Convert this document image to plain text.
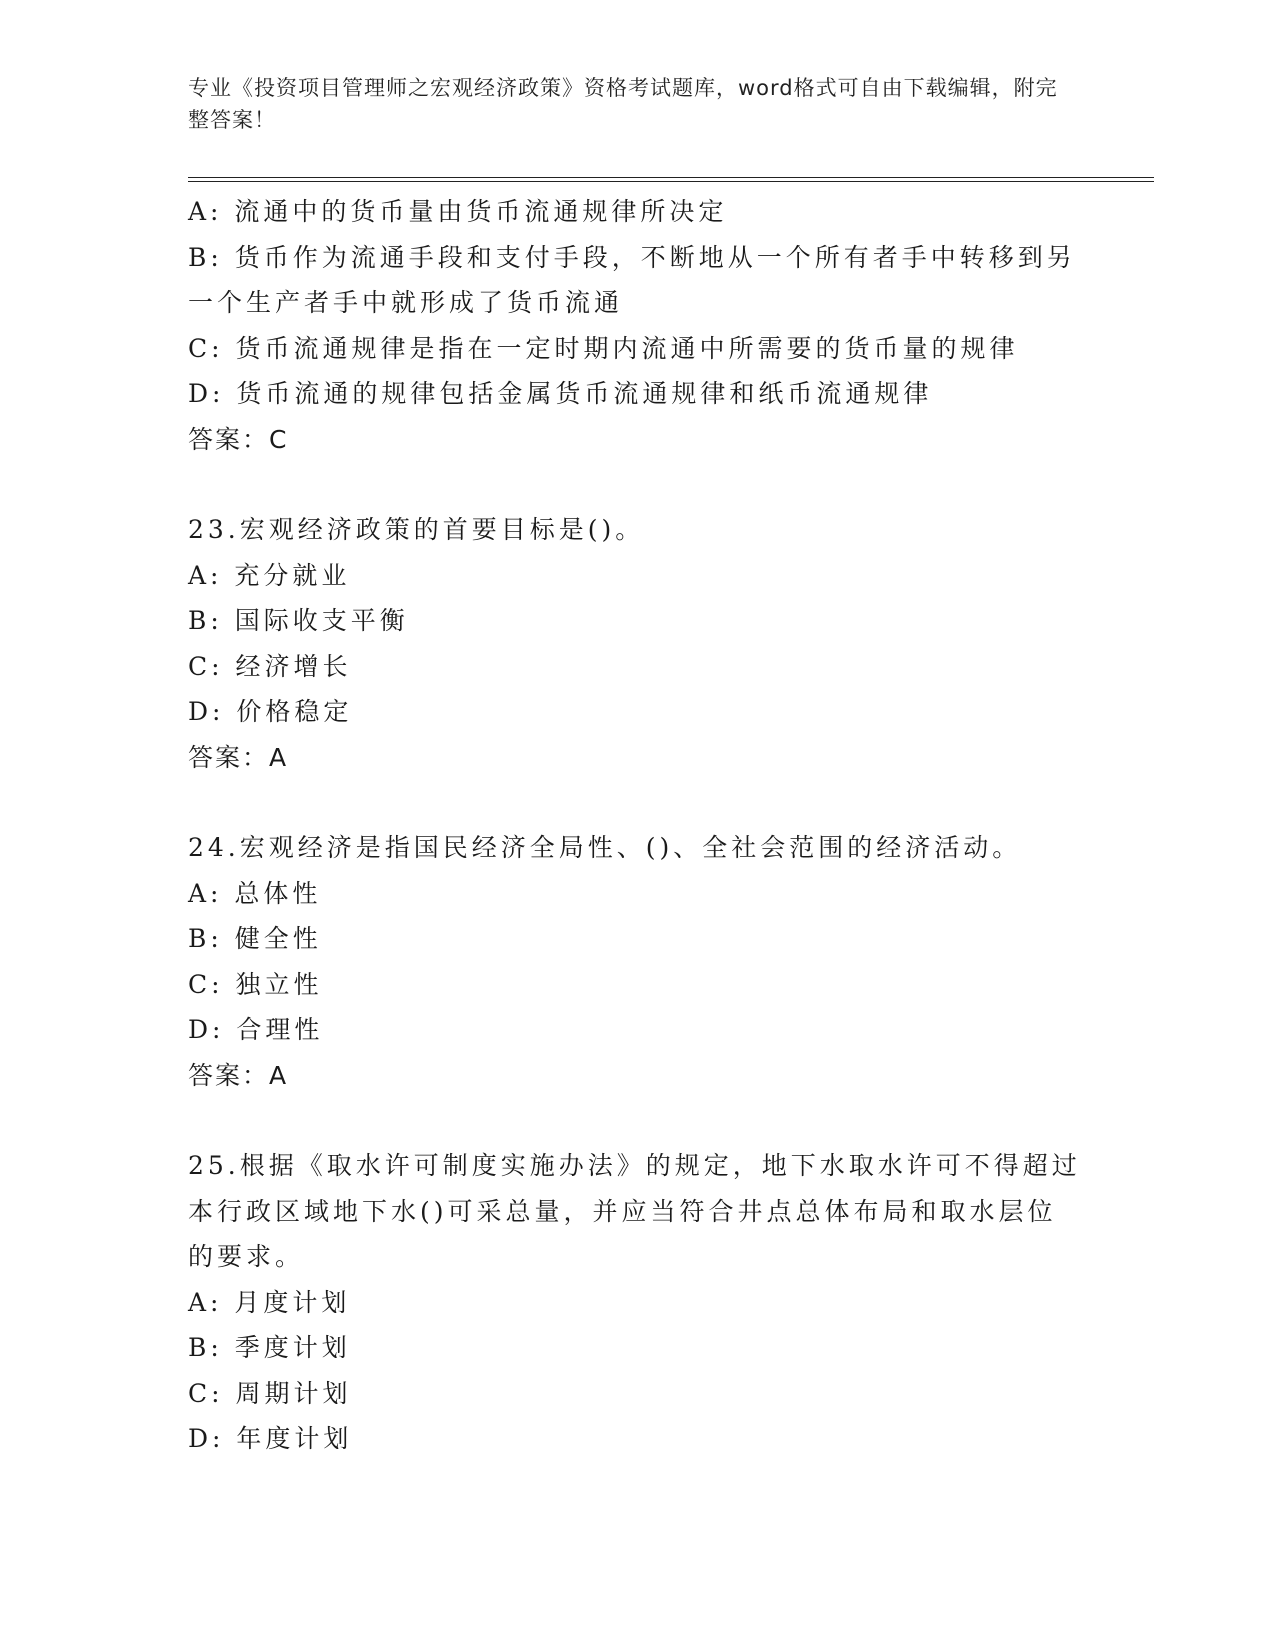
专业《投资项目管理师之宏观经济政策》资格考试题库，word格式可自由下载编辑，附完整答案！
A: 流通中的货币量由货币流通规律所决定
B: 货币作为流通手段和支付手段，不断地从一个所有者手中转移到另
一个生产者手中就形成了货币流通
C: 货币流通规律是指在一定时期内流通中所需要的货币量的规律
D: 货币流通的规律包括金属货币流通规律和纸币流通规律
答案：C
23.宏观经济政策的首要目标是()。
A: 充分就业
B: 国际收支平衡
C: 经济增长
D: 价格稳定
答案：A
24.宏观经济是指国民经济全局性、()、全社会范围的经济活动。
A: 总体性
B: 健全性
C: 独立性
D: 合理性
答案：A
25.根据《取水许可制度实施办法》的规定，地下水取水许可不得超过
本行政区域地下水()可采总量，并应当符合井点总体布局和取水层位
的要求。
A: 月度计划
B: 季度计划
C: 周期计划
D: 年度计划
